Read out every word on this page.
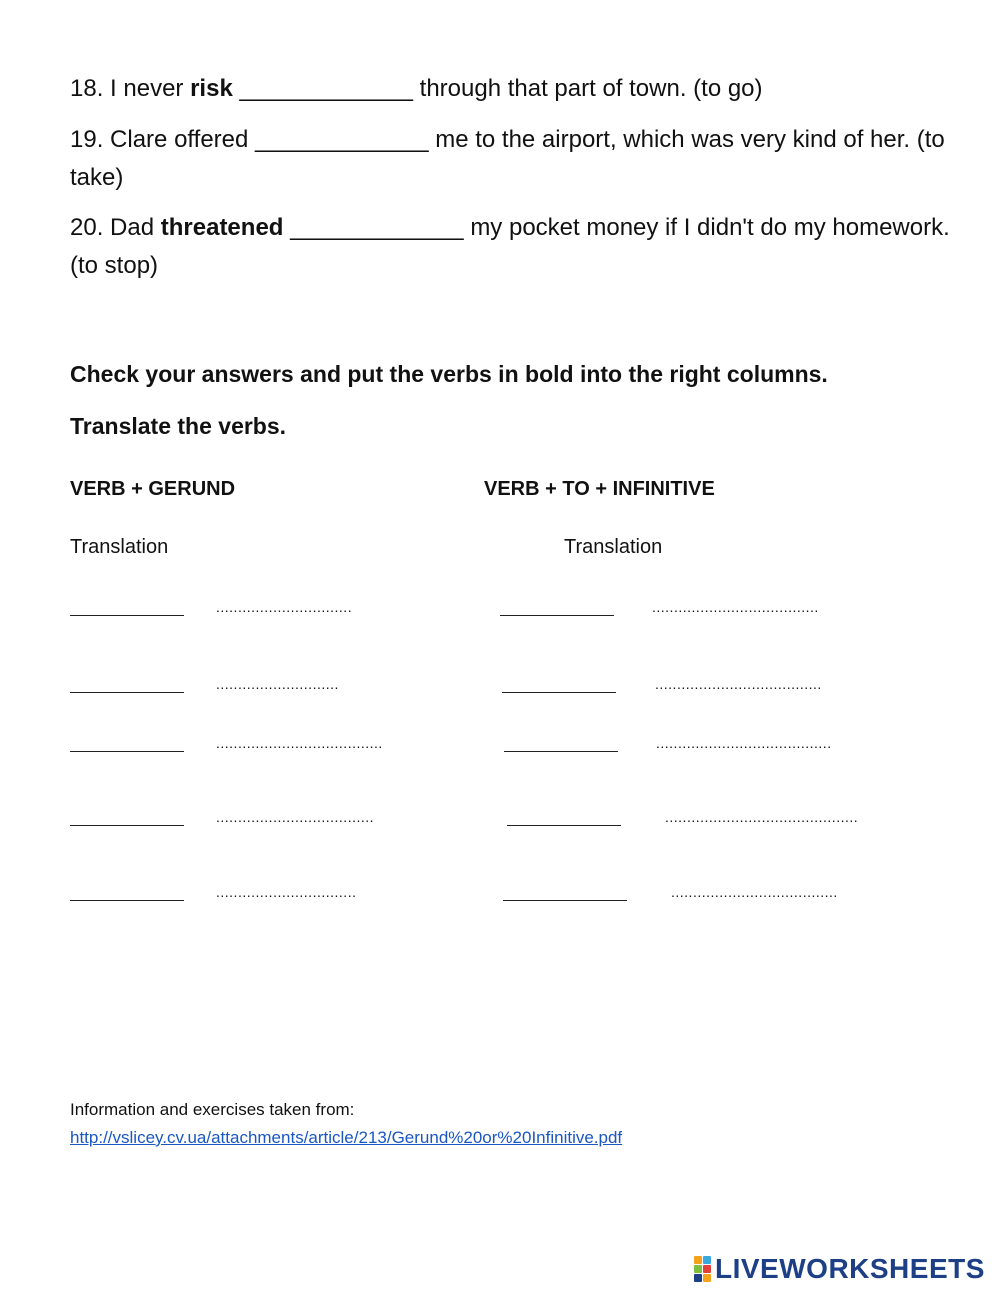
18. I never risk _____________ through that part of town. (to go)

19. Clare offered _____________ me to the airport, which was very kind of her. (to take)

20. Dad threatened _____________ my pocket money if I didn't do my homework. (to stop)

Check your answers and put the verbs in bold into the right columns.

Translate the verbs.

VERB + GERUND	VERB + TO + INFINITIVE
Translation	Translation
...............................
............................
......................................
....................................
................................
......................................
......................................
........................................
............................................
......................................
Information and exercises taken from:
http://vslicey.cv.ua/attachments/article/213/Gerund%20or%20Infinitive.pdf
LIVEWORKSHEETS
